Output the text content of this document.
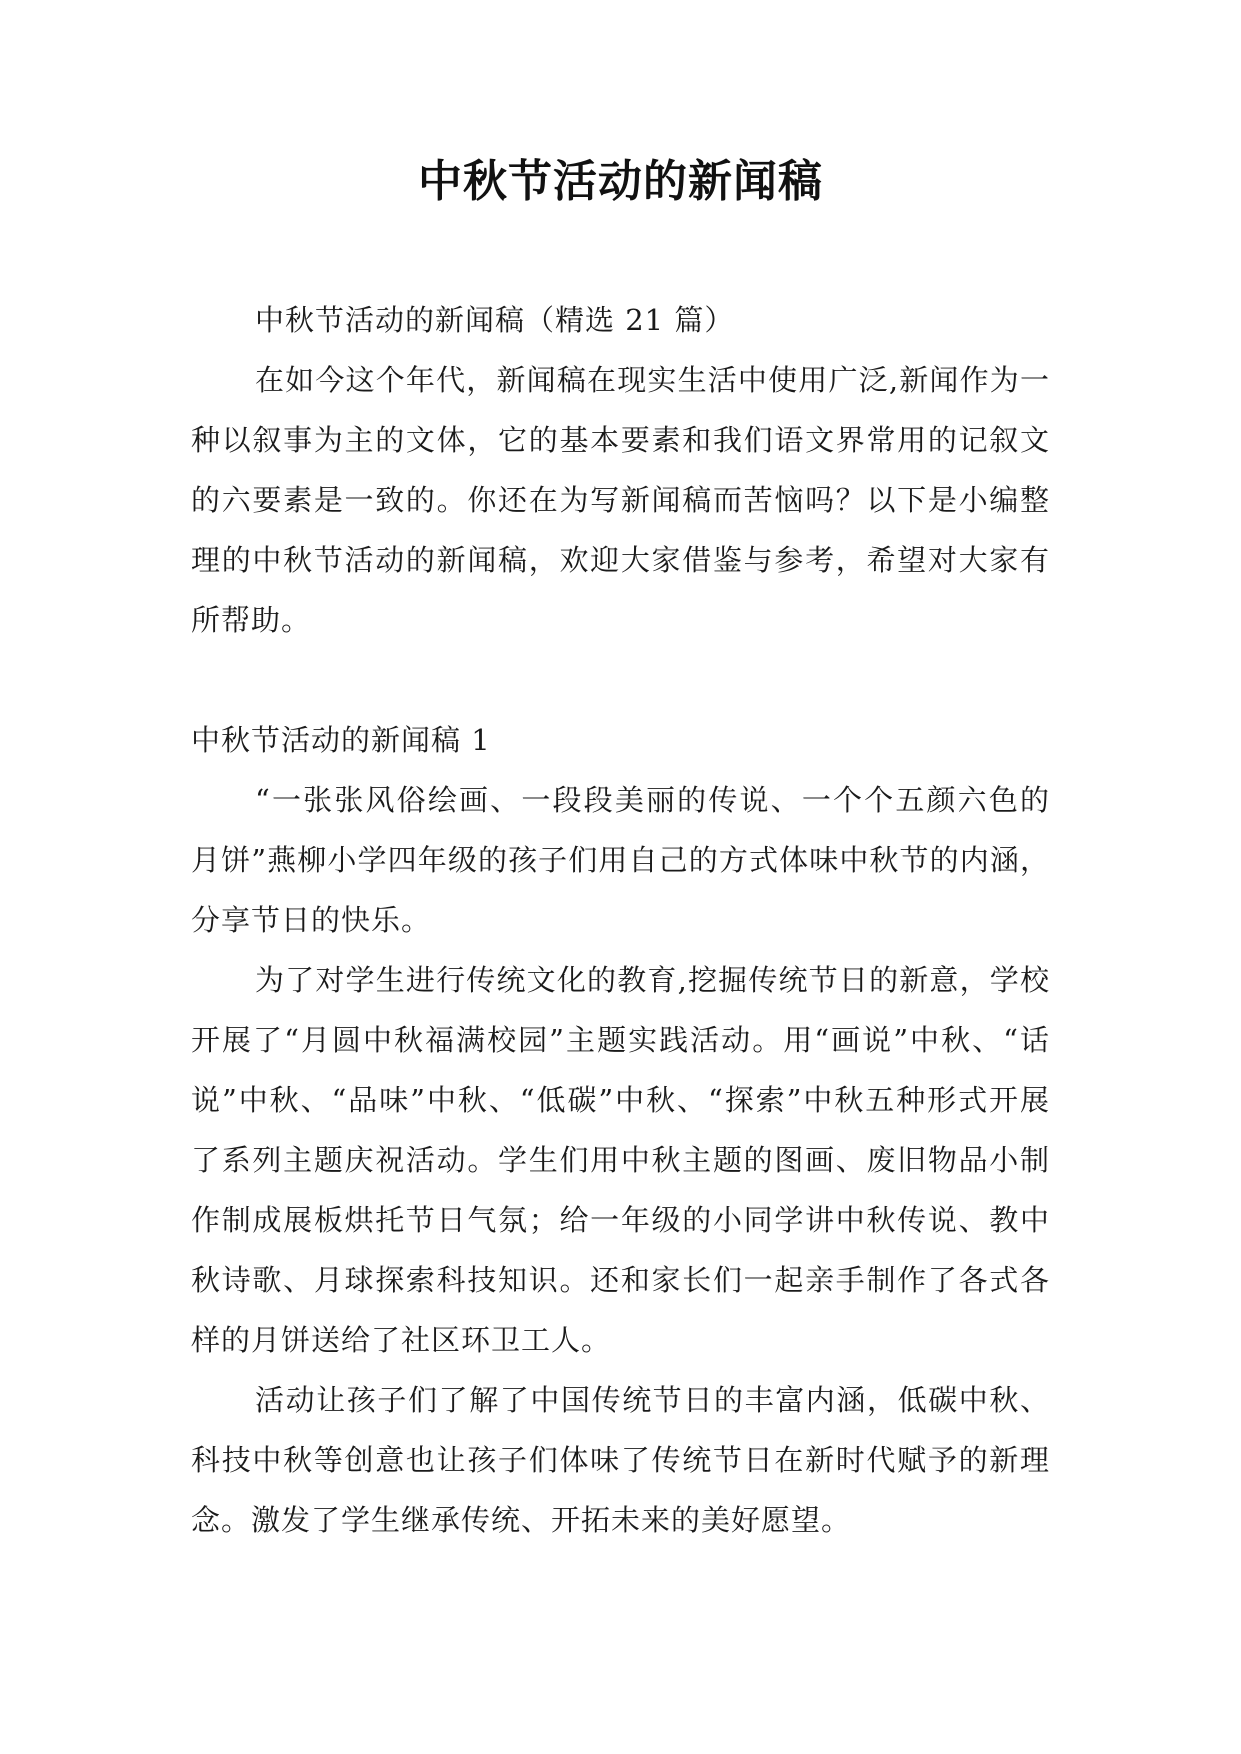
中秋节活动的新闻稿

中秋节活动的新闻稿（精选 21 篇）

在如今这个年代，新闻稿在现实生活中使用广泛,新闻作为一种以叙事为主的文体，它的基本要素和我们语文界常用的记叙文的六要素是一致的。你还在为写新闻稿而苦恼吗？以下是小编整理的中秋节活动的新闻稿，欢迎大家借鉴与参考，希望对大家有所帮助。

中秋节活动的新闻稿 1

“一张张风俗绘画、一段段美丽的传说、一个个五颜六色的月饼”燕柳小学四年级的孩子们用自己的方式体味中秋节的内涵，分享节日的快乐。

为了对学生进行传统文化的教育,挖掘传统节日的新意，学校开展了“月圆中秋福满校园”主题实践活动。用“画说”中秋、“话说”中秋、“品味”中秋、“低碳”中秋、“探索”中秋五种形式开展了系列主题庆祝活动。学生们用中秋主题的图画、废旧物品小制作制成展板烘托节日气氛；给一年级的小同学讲中秋传说、教中秋诗歌、月球探索科技知识。还和家长们一起亲手制作了各式各样的月饼送给了社区环卫工人。

活动让孩子们了解了中国传统节日的丰富内涵，低碳中秋、科技中秋等创意也让孩子们体味了传统节日在新时代赋予的新理念。激发了学生继承传统、开拓未来的美好愿望。
